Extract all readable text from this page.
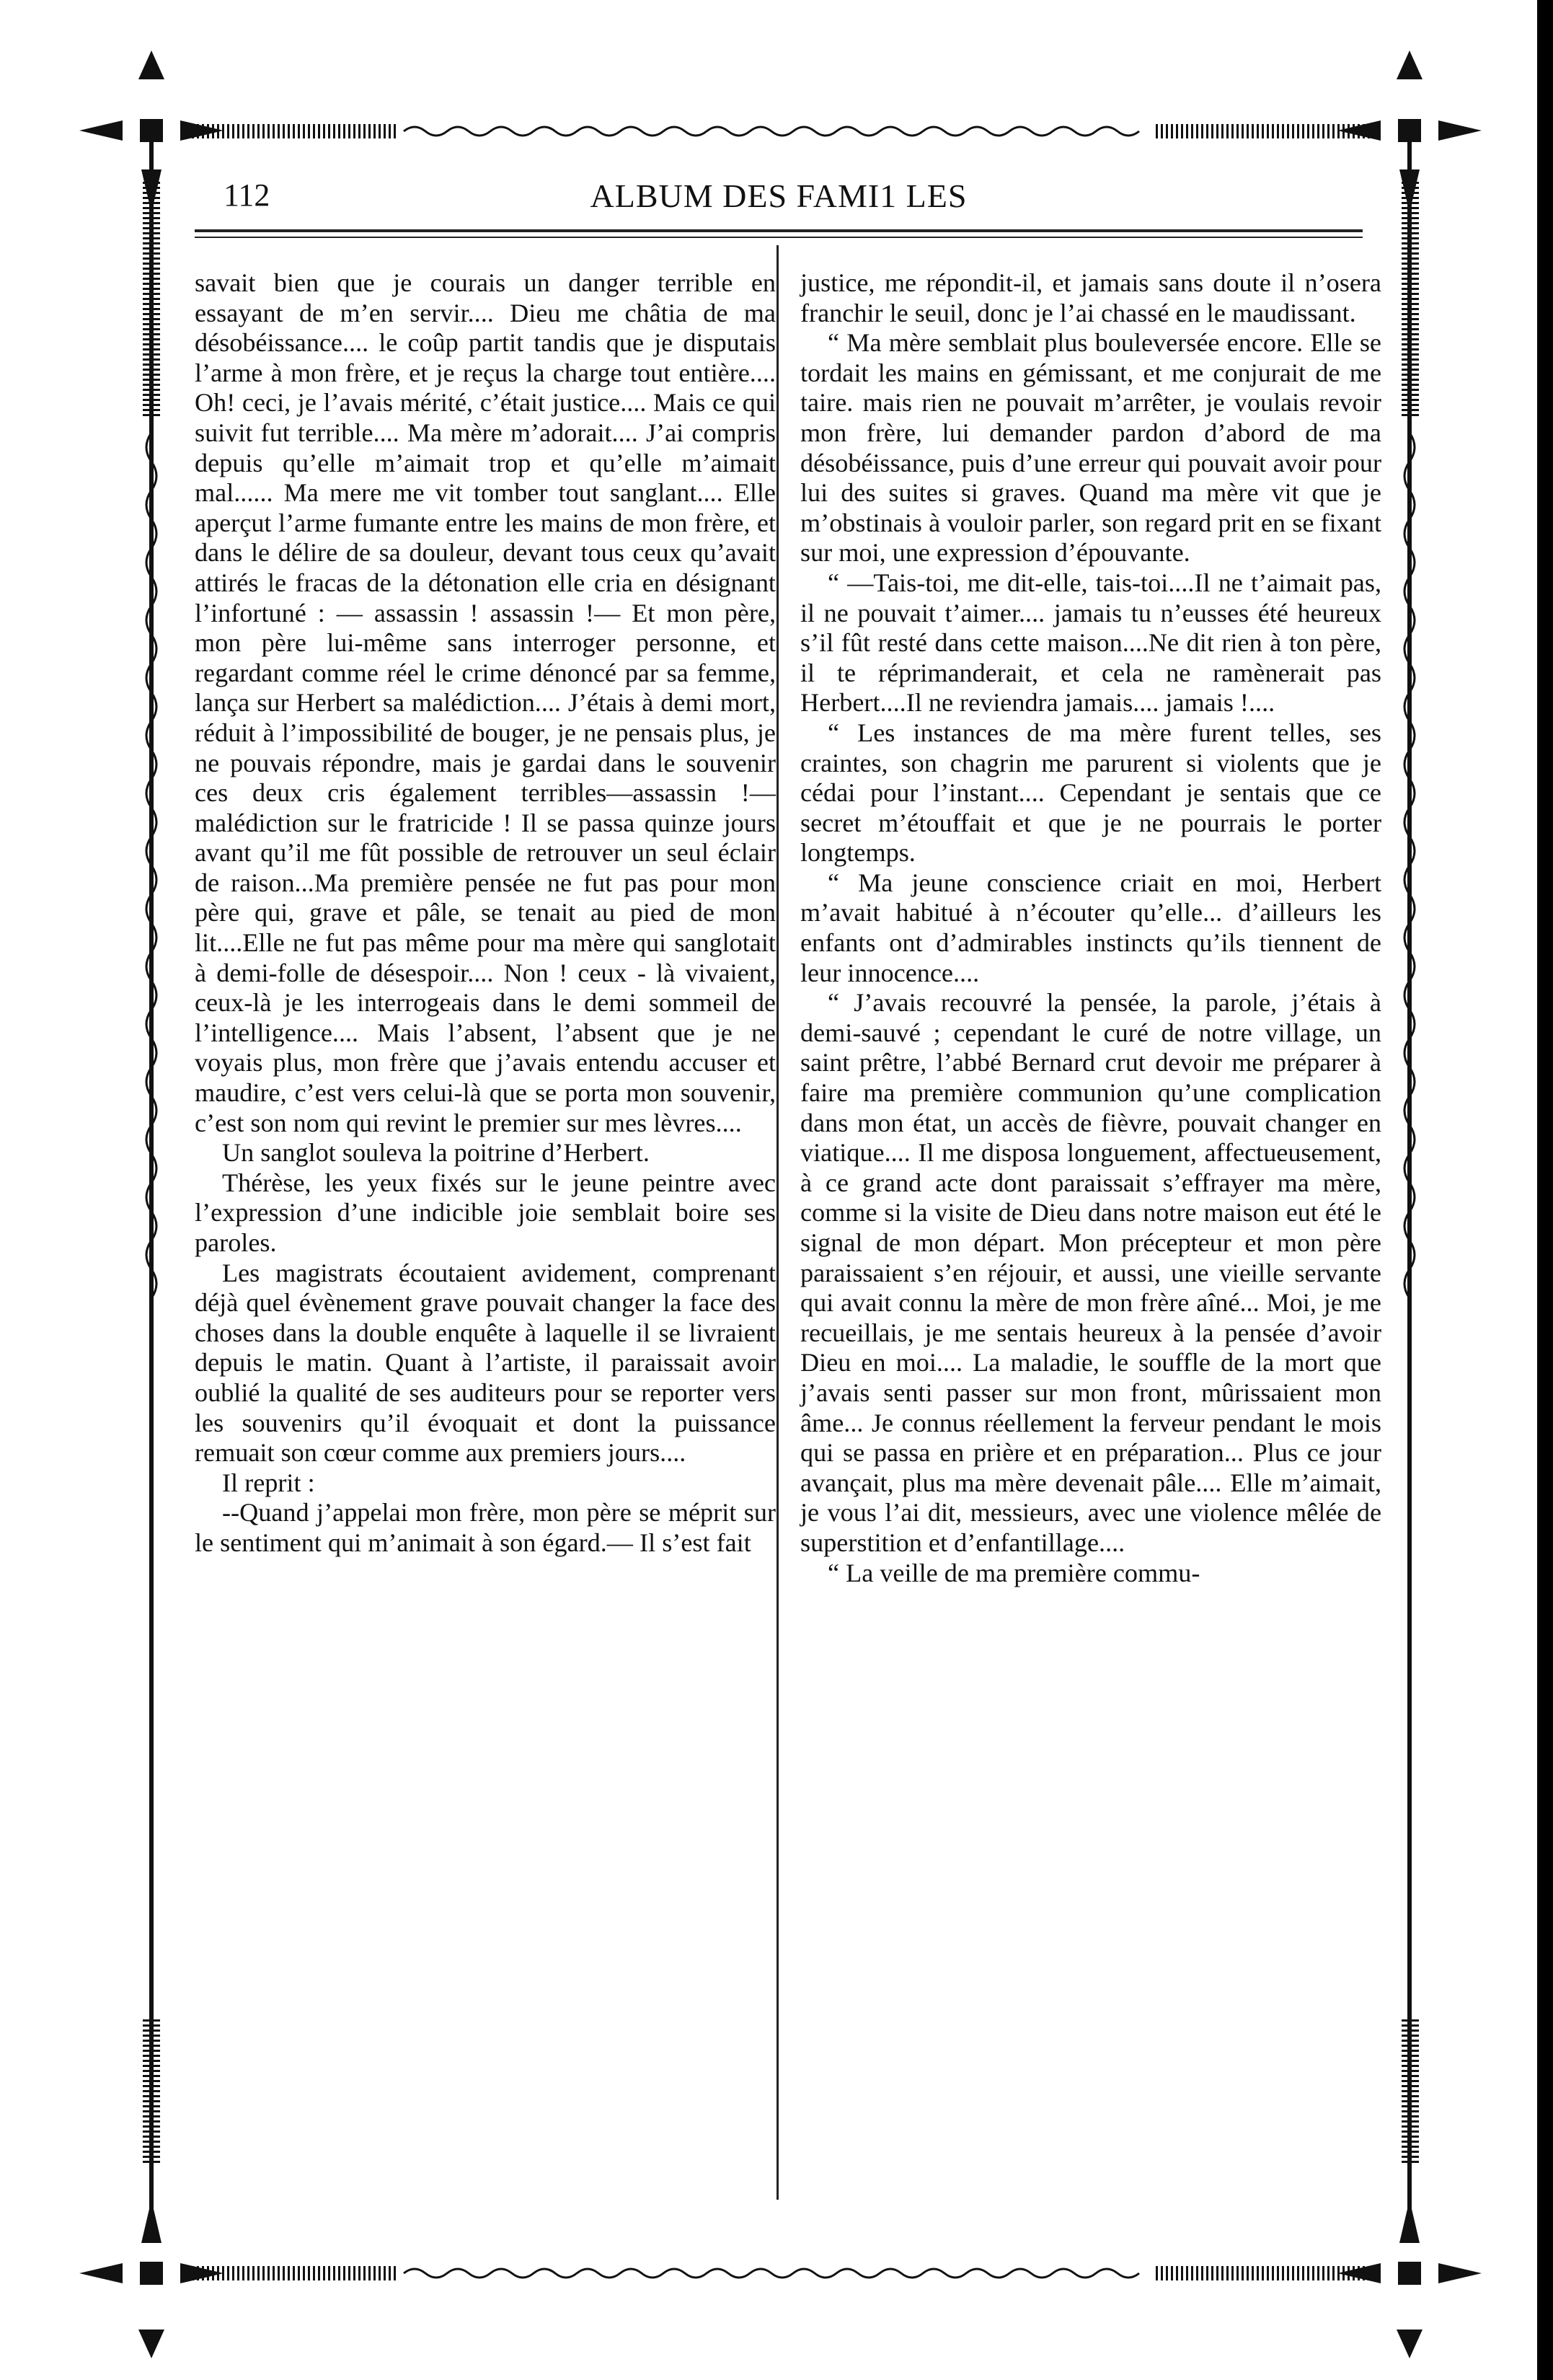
112	ALBUM DES FAMI1 LES

savait bien que je courais un danger terrible en essayant de m’en servir.... Dieu me châtia de ma désobéissance.... le coûp partit tandis que je disputais l’arme à mon frère, et je reçus la charge tout entière.... Oh! ceci, je l’avais mérité, c’était justice.... Mais ce qui suivit fut terrible.... Ma mère m’adorait.... J’ai compris depuis qu’elle m’aimait trop et qu’elle m’aimait mal...... Ma mere me vit tomber tout sanglant.... Elle aperçut l’arme fumante entre les mains de mon frère, et dans le délire de sa douleur, devant tous ceux qu’avait attirés le fracas de la détonation elle cria en désignant l’infortuné : — assassin ! assassin !— Et mon père, mon père lui-même sans interroger personne, et regardant comme réel le crime dénoncé par sa femme, lança sur Herbert sa malédiction.... J’étais à demi mort, réduit à l’impossibilité de bouger, je ne pensais plus, je ne pouvais répondre, mais je gardai dans le souvenir ces deux cris également terribles—assassin !—malédiction sur le fratricide ! Il se passa quinze jours avant qu’il me fût possible de retrouver un seul éclair de raison...Ma première pensée ne fut pas pour mon père qui, grave et pâle, se tenait au pied de mon lit....Elle ne fut pas même pour ma mère qui sanglotait à demi-folle de désespoir.... Non ! ceux - là vivaient, ceux-là je les interrogeais dans le demi sommeil de l’intelligence.... Mais l’absent, l’absent que je ne voyais plus, mon frère que j’avais entendu accuser et maudire, c’est vers celui-là que se porta mon souvenir, c’est son nom qui revint le premier sur mes lèvres....

Un sanglot souleva la poitrine d’Herbert.

Thérèse, les yeux fixés sur le jeune peintre avec l’expression d’une indicible joie semblait boire ses paroles.

Les magistrats écoutaient avidement, comprenant déjà quel évènement grave pouvait changer la face des choses dans la double enquête à laquelle il se livraient depuis le matin. Quant à l’artiste, il paraissait avoir oublié la qualité de ses auditeurs pour se reporter vers les souvenirs qu’il évoquait et dont la puissance remuait son cœur comme aux premiers jours....

Il reprit :

--Quand j’appelai mon frère, mon père se méprit sur le sentiment qui m’animait à son égard.— Il s’est fait

justice, me répondit-il, et jamais sans doute il n’osera franchir le seuil, donc je l’ai chassé en le maudissant.

“ Ma mère semblait plus bouleversée encore. Elle se tordait les mains en gémissant, et me conjurait de me taire. mais rien ne pouvait m’arrêter, je voulais revoir mon frère, lui demander pardon d’abord de ma désobéissance, puis d’une erreur qui pouvait avoir pour lui des suites si graves. Quand ma mère vit que je m’obstinais à vouloir parler, son regard prit en se fixant sur moi, une expression d’épouvante.

“ —Tais-toi, me dit-elle, tais-toi....Il ne t’aimait pas, il ne pouvait t’aimer.... jamais tu n’eusses été heureux s’il fût resté dans cette maison....Ne dit rien à ton père, il te réprimanderait, et cela ne ramènerait pas Herbert....Il ne reviendra jamais.... jamais !....

“ Les instances de ma mère furent telles, ses craintes, son chagrin me parurent si violents que je cédai pour l’instant.... Cependant je sentais que ce secret m’étouffait et que je ne pourrais le porter longtemps.

“ Ma jeune conscience criait en moi, Herbert m’avait habitué à n’écouter qu’elle... d’ailleurs les enfants ont d’admirables instincts qu’ils tiennent de leur innocence....

“ J’avais recouvré la pensée, la parole, j’étais à demi-sauvé ; cependant le curé de notre village, un saint prêtre, l’abbé Bernard crut devoir me préparer à faire ma première communion qu’une complication dans mon état, un accès de fièvre, pouvait changer en viatique.... Il me disposa longuement, affectueusement, à ce grand acte dont paraissait s’effrayer ma mère, comme si la visite de Dieu dans notre maison eut été le signal de mon départ. Mon précepteur et mon père paraissaient s’en réjouir, et aussi, une vieille servante qui avait connu la mère de mon frère aîné... Moi, je me recueillais, je me sentais heureux à la pensée d’avoir Dieu en moi.... La maladie, le souffle de la mort que j’avais senti passer sur mon front, mûrissaient mon âme... Je connus réellement la ferveur pendant le mois qui se passa en prière et en préparation... Plus ce jour avançait, plus ma mère devenait pâle.... Elle m’aimait, je vous l’ai dit, messieurs, avec une violence mêlée de superstition et d’enfantillage....

“ La veille de ma première commu-
